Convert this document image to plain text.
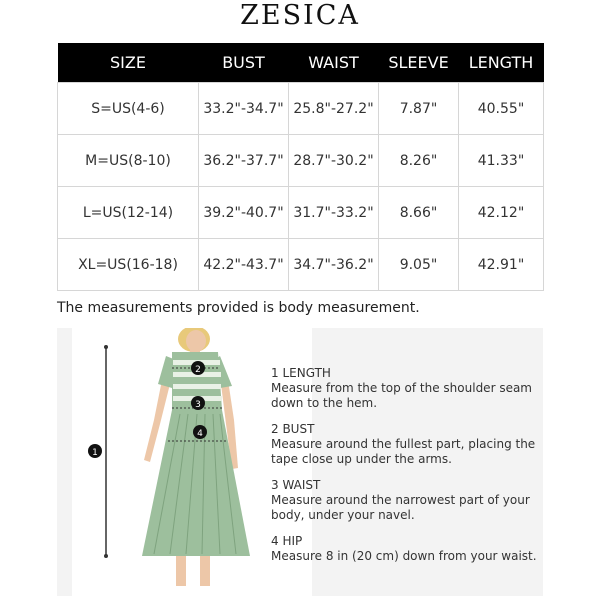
ZESICA
SIZE	BUST	WAIST	SLEEVE	LENGTH
S=US(4-6)	33.2"-34.7"	25.8"-27.2"	7.87"	40.55"
M=US(8-10)	36.2"-37.7"	28.7"-30.2"	8.26"	41.33"
L=US(12-14)	39.2"-40.7"	31.7"-33.2"	8.66"	42.12"
XL=US(16-18)	42.2"-43.7"	34.7"-36.2"	9.05"	42.91"
The measurements provided is body measurement.
1
2
3
4
1 LENGTH
Measure from the top of the shoulder seam down to the hem.
2 BUST
Measure around the fullest part, placing the tape close up under the arms.
3 WAIST
Measure around the narrowest part of your body, under your navel.
4 HIP
Measure 8 in (20 cm) down from your waist.
